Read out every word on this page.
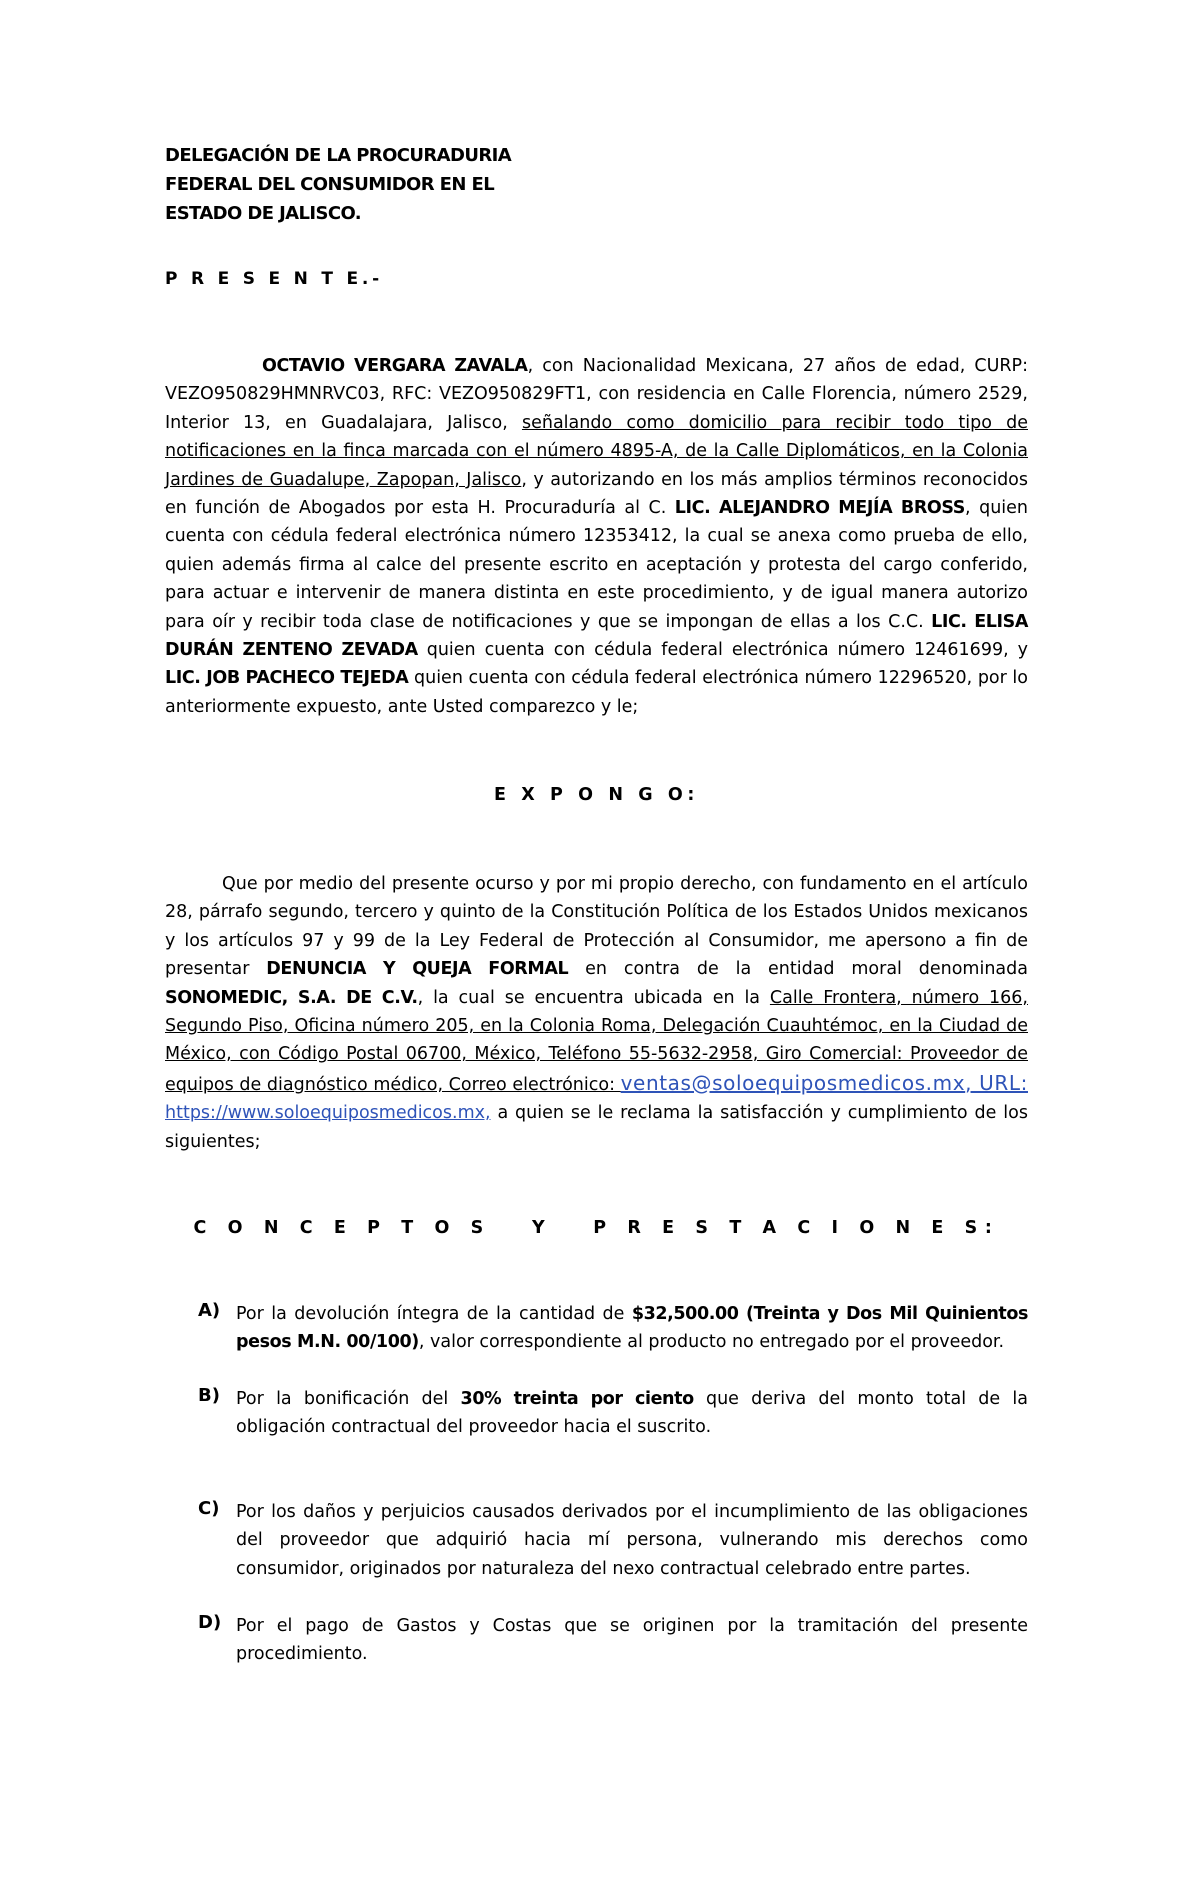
DELEGACIÓN DE LA PROCURADURIA
FEDERAL DEL CONSUMIDOR EN EL
ESTADO DE JALISCO.
P R E S E N T E.-
OCTAVIO VERGARA ZAVALA, con Nacionalidad Mexicana, 27 años de edad, CURP: VEZO950829HMNRVC03, RFC: VEZO950829FT1, con residencia en Calle Florencia, número 2529, Interior 13, en Guadalajara, Jalisco, señalando como domicilio para recibir todo tipo de notificaciones en la finca marcada con el número 4895-A, de la Calle Diplomáticos, en la Colonia Jardines de Guadalupe, Zapopan, Jalisco, y autorizando en los más amplios términos reconocidos en función de Abogados por esta H. Procuraduría al C. LIC. ALEJANDRO MEJÍA BROSS, quien cuenta con cédula federal electrónica número 12353412, la cual se anexa como prueba de ello, quien además firma al calce del presente escrito en aceptación y protesta del cargo conferido, para actuar e intervenir de manera distinta en este procedimiento, y de igual manera autorizo para oír y recibir toda clase de notificaciones y que se impongan de ellas a los C.C. LIC. ELISA DURÁN ZENTENO ZEVADA quien cuenta con cédula federal electrónica número 12461699, y LIC. JOB PACHECO TEJEDA quien cuenta con cédula federal electrónica número 12296520, por lo anteriormente expuesto, ante Usted comparezco y le;
E X P O N G O:
Que por medio del presente ocurso y por mi propio derecho, con fundamento en el artículo 28, párrafo segundo, tercero y quinto de la Constitución Política de los Estados Unidos mexicanos y los artículos 97 y 99 de la Ley Federal de Protección al Consumidor, me apersono a fin de presentar DENUNCIA Y QUEJA FORMAL en contra de la entidad moral denominada SONOMEDIC, S.A. DE C.V., la cual se encuentra ubicada en la Calle Frontera, número 166, Segundo Piso, Oficina número 205, en la Colonia Roma, Delegación Cuauhtémoc, en la Ciudad de México, con Código Postal 06700, México, Teléfono 55-5632-2958, Giro Comercial: Proveedor de equipos de diagnóstico médico, Correo electrónico: ventas@soloequiposmedicos.mx, URL: https://www.soloequiposmedicos.mx, a quien se le reclama la satisfacción y cumplimiento de los siguientes;
C O N C E P T O S   Y   P R E S T A C I O N E S:
A) Por la devolución íntegra de la cantidad de $32,500.00 (Treinta y Dos Mil Quinientos pesos M.N. 00/100), valor correspondiente al producto no entregado por el proveedor.
B) Por la bonificación del 30% treinta por ciento que deriva del monto total de la obligación contractual del proveedor hacia el suscrito.
C) Por los daños y perjuicios causados derivados por el incumplimiento de las obligaciones del proveedor que adquirió hacia mí persona, vulnerando mis derechos como consumidor, originados por naturaleza del nexo contractual celebrado entre partes.
D) Por el pago de Gastos y Costas que se originen por la tramitación del presente procedimiento.
